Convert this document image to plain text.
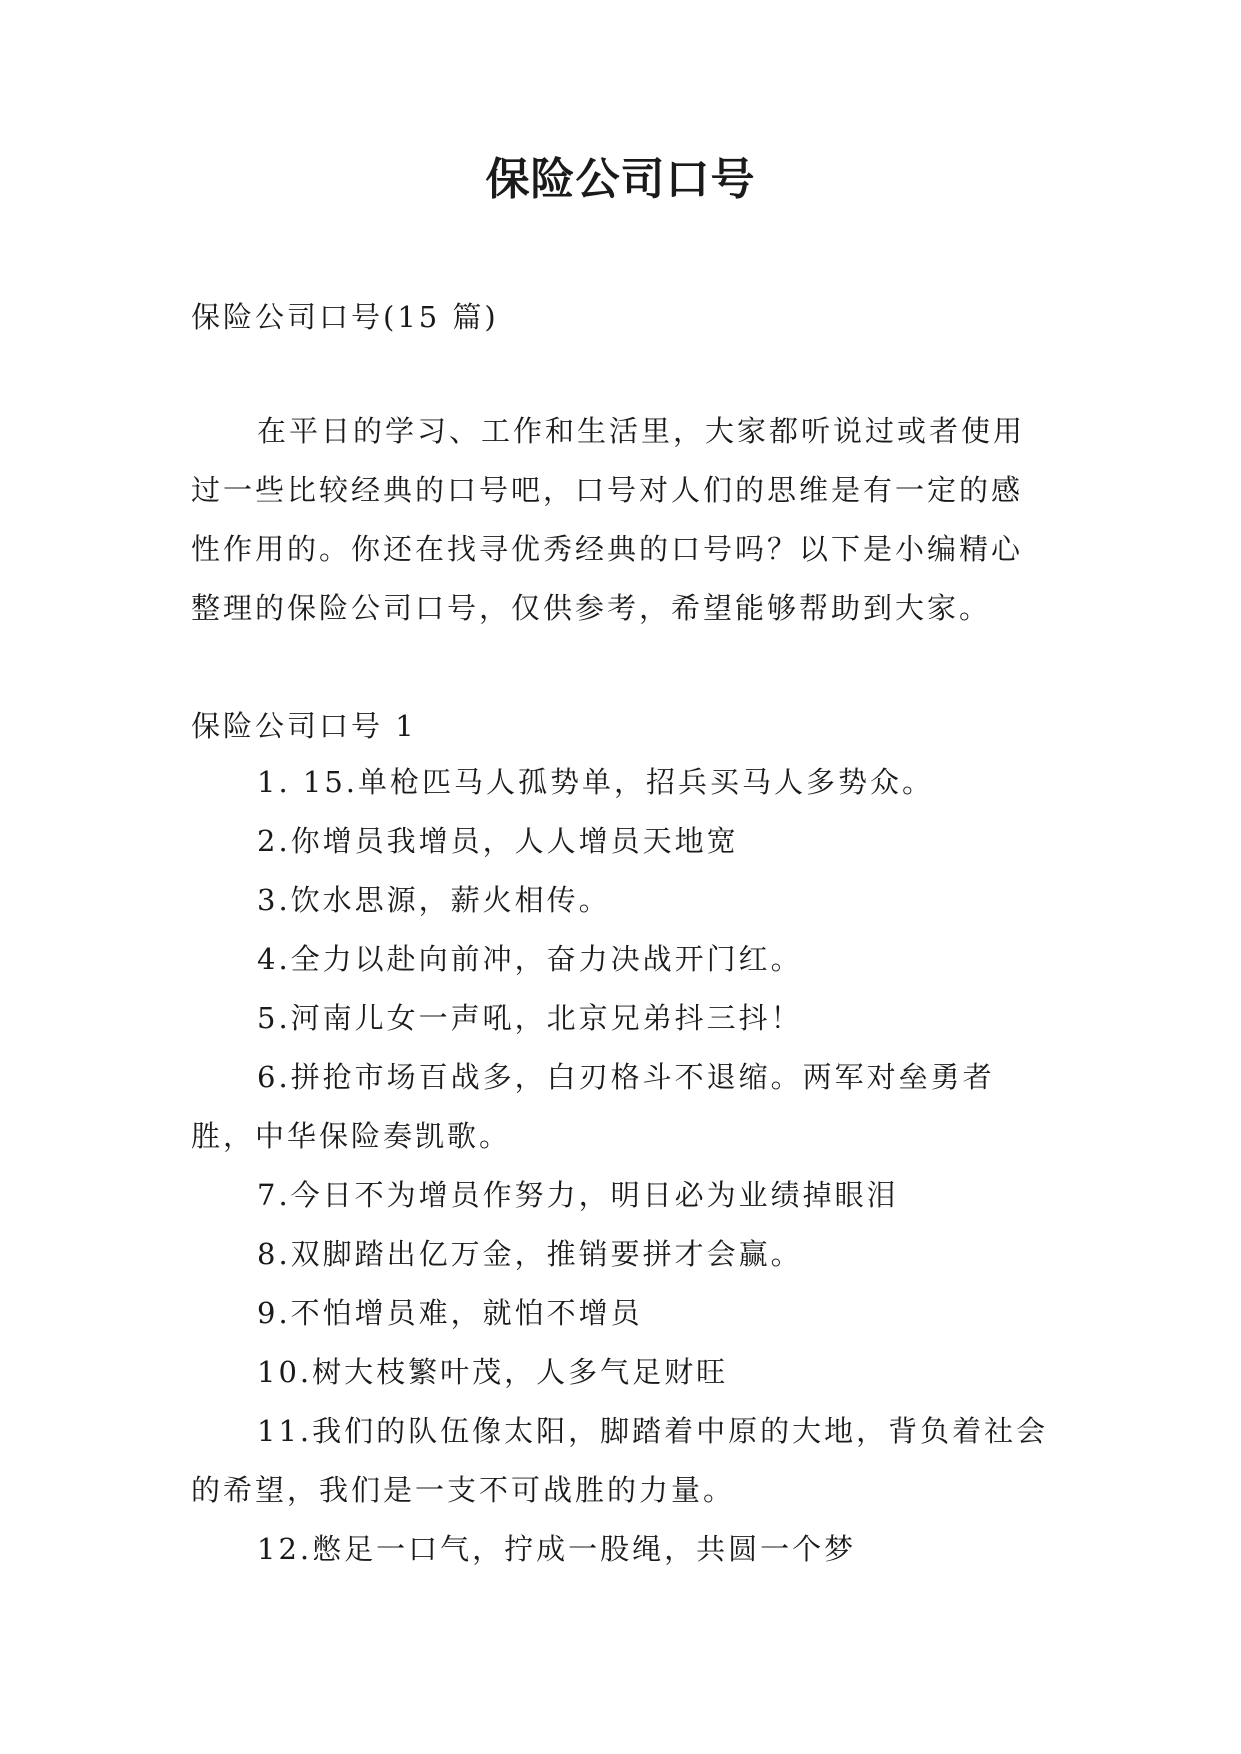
保险公司口号
保险公司口号(15 篇)

在平日的学习、工作和生活里，大家都听说过或者使用过一些比较经典的口号吧，口号对人们的思维是有一定的感性作用的。你还在找寻优秀经典的口号吗？以下是小编精心整理的保险公司口号，仅供参考，希望能够帮助到大家。

保险公司口号 1
1. 15.单枪匹马人孤势单，招兵买马人多势众。
2.你增员我增员，人人增员天地宽
3.饮水思源，薪火相传。
4.全力以赴向前冲，奋力决战开门红。
5.河南儿女一声吼，北京兄弟抖三抖！
6.拼抢市场百战多，白刃格斗不退缩。两军对垒勇者胜，中华保险奏凯歌。
7.今日不为增员作努力，明日必为业绩掉眼泪
8.双脚踏出亿万金，推销要拼才会赢。
9.不怕增员难，就怕不增员
10.树大枝繁叶茂，人多气足财旺
11.我们的队伍像太阳，脚踏着中原的大地，背负着社会的希望，我们是一支不可战胜的力量。
12.憋足一口气，拧成一股绳，共圆一个梦
